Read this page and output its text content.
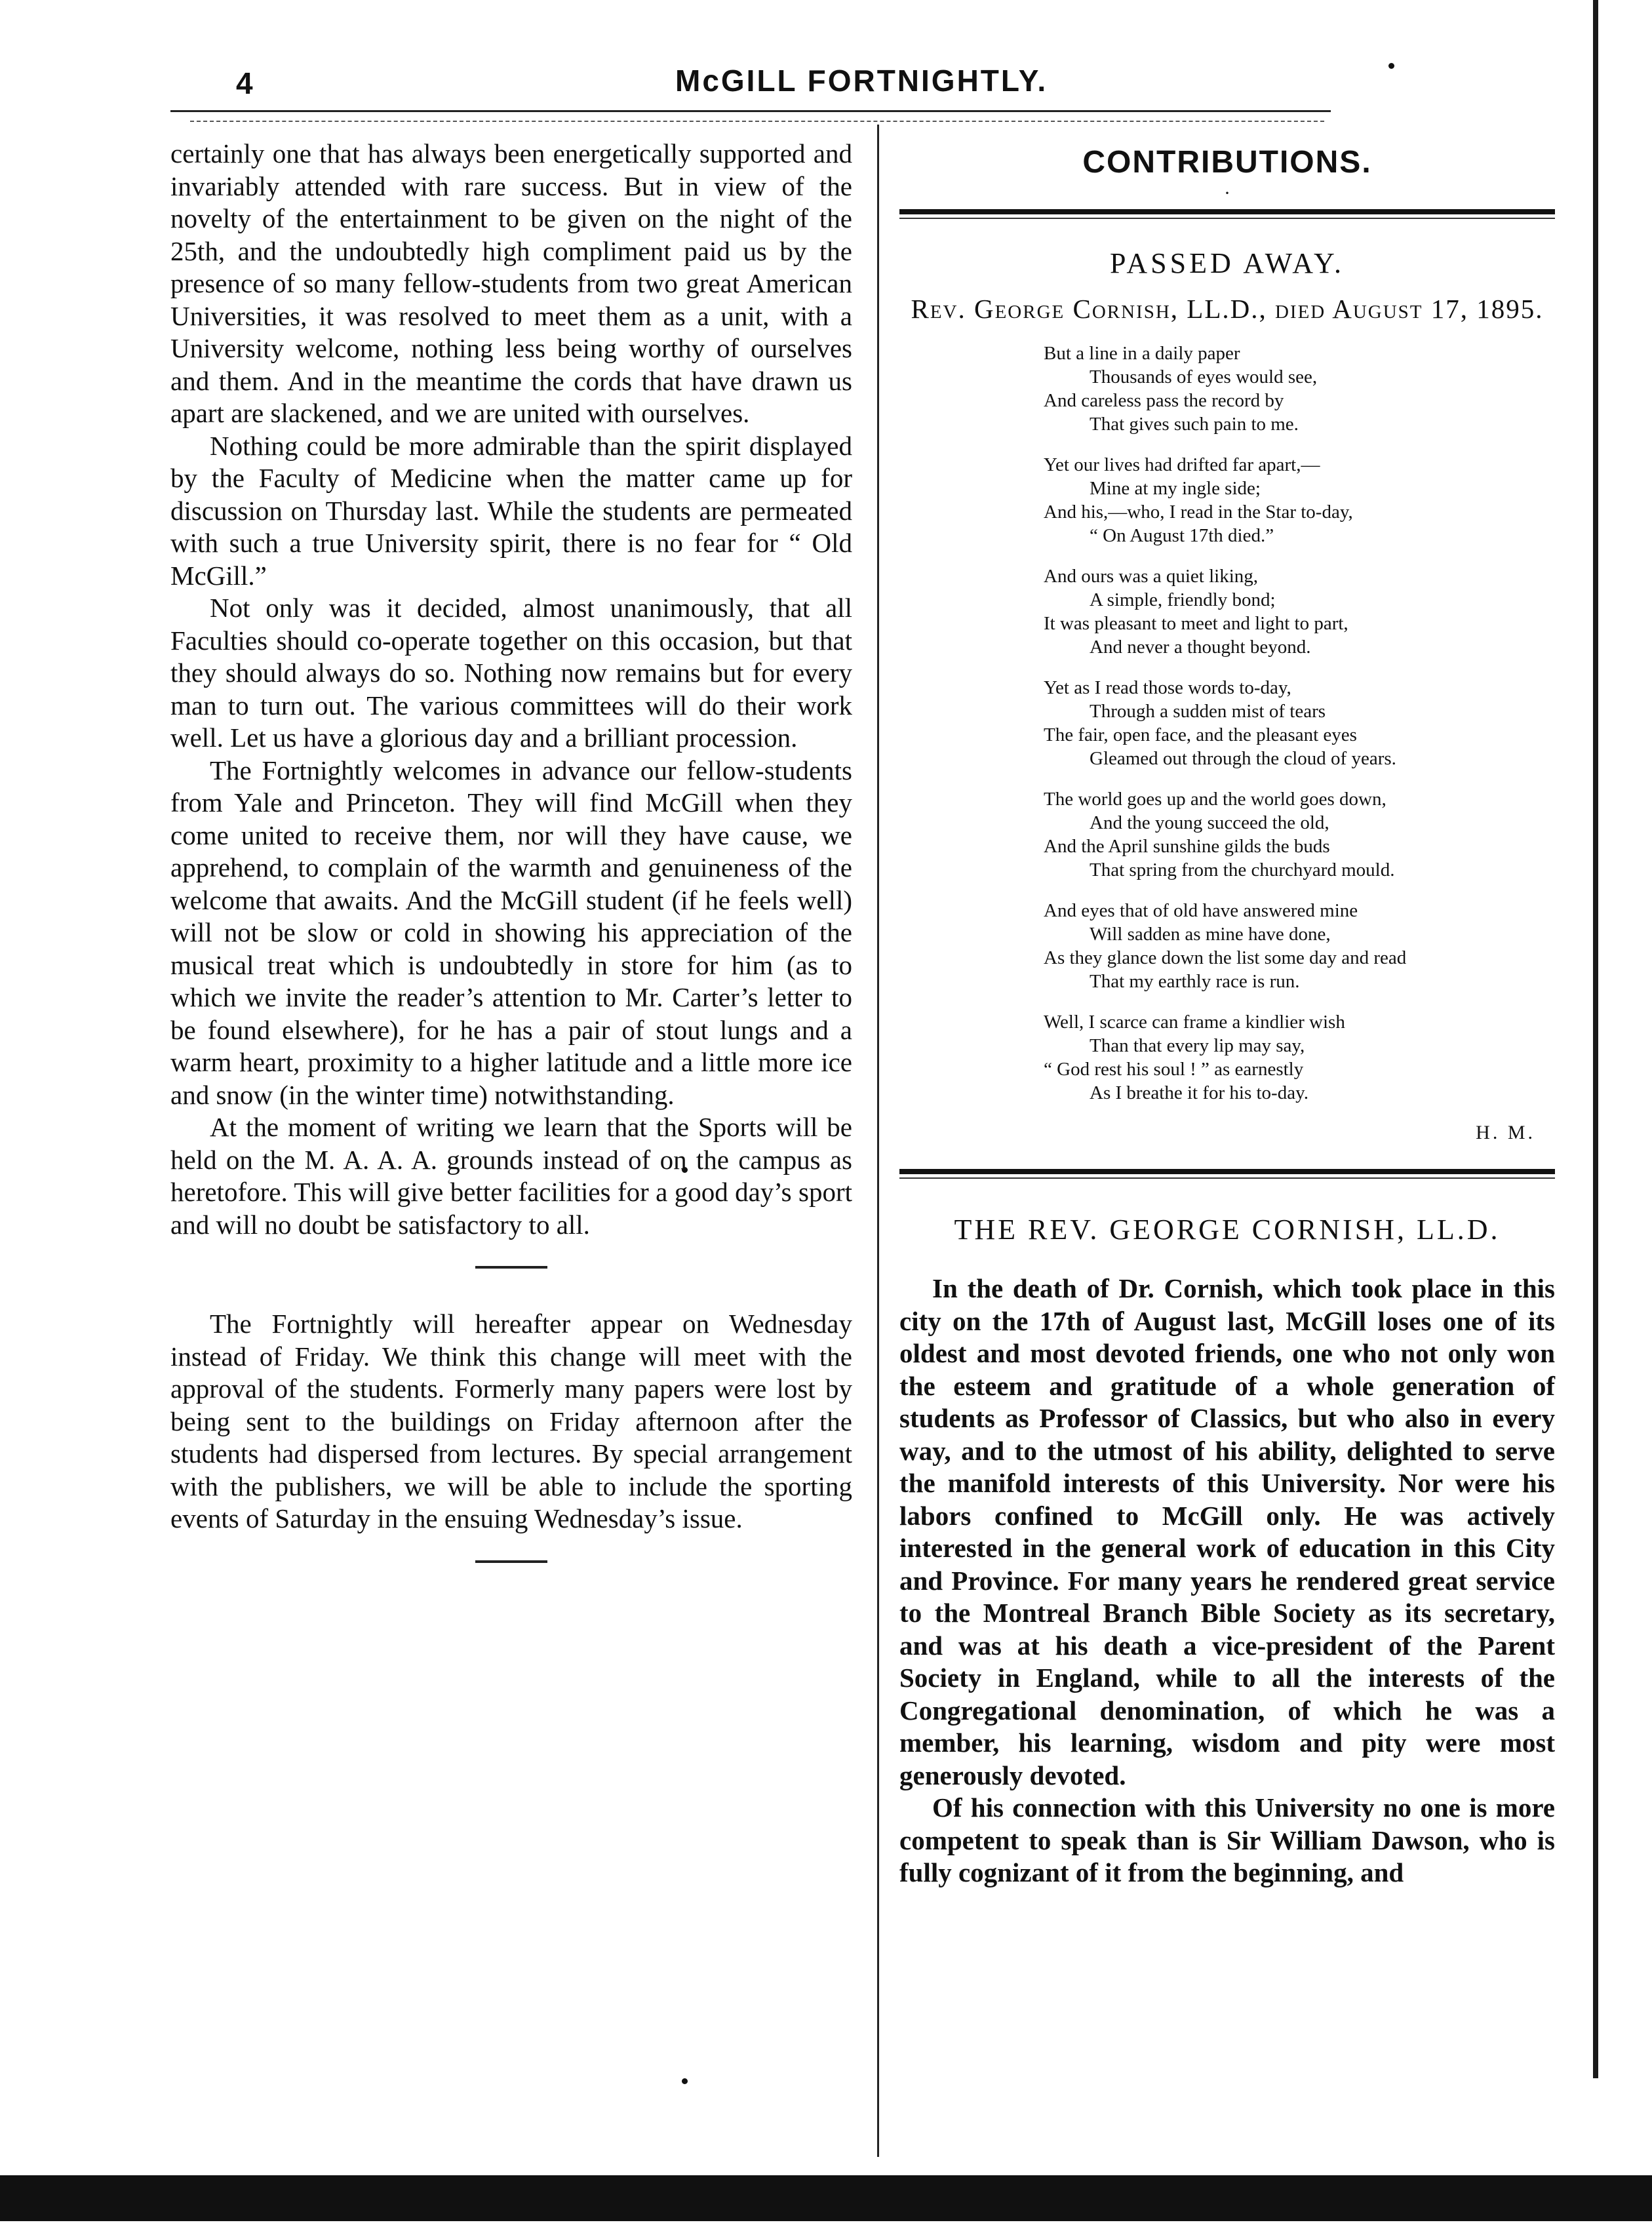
4	McGILL FORTNIGHTLY.

certainly one that has always been energetically supported and invariably attended with rare success. But in view of the novelty of the entertainment to be given on the night of the 25th, and the undoubtedly high compliment paid us by the presence of so many fellow-students from two great American Universities, it was resolved to meet them as a unit, with a University welcome, nothing less being worthy of ourselves and them. And in the meantime the cords that have drawn us apart are slackened, and we are united with ourselves.

Nothing could be more admirable than the spirit displayed by the Faculty of Medicine when the matter came up for discussion on Thursday last. While the students are permeated with such a true University spirit, there is no fear for “ Old McGill.”

Not only was it decided, almost unanimously, that all Faculties should co-operate together on this occasion, but that they should always do so. Nothing now remains but for every man to turn out. The various committees will do their work well. Let us have a glorious day and a brilliant procession.

The Fortnightly welcomes in advance our fellow-students from Yale and Princeton. They will find McGill when they come united to receive them, nor will they have cause, we apprehend, to complain of the warmth and genuineness of the welcome that awaits. And the McGill student (if he feels well) will not be slow or cold in showing his appreciation of the musical treat which is undoubtedly in store for him (as to which we invite the reader’s attention to Mr. Carter’s letter to be found elsewhere), for he has a pair of stout lungs and a warm heart, proximity to a higher latitude and a little more ice and snow (in the winter time) notwithstanding.

At the moment of writing we learn that the Sports will be held on the M. A. A. A. grounds instead of on the campus as heretofore. This will give better facilities for a good day’s sport and will no doubt be satisfactory to all.

The Fortnightly will hereafter appear on Wednesday instead of Friday. We think this change will meet with the approval of the students. Formerly many papers were lost by being sent to the buildings on Friday afternoon after the students had dispersed from lectures. By special arrangement with the publishers, we will be able to include the sporting events of Saturday in the ensuing Wednesday’s issue.

CONTRIBUTIONS.
·
PASSED AWAY.
Rev. George Cornish, LL.D., died August 17, 1895.
But a line in a daily paper
Thousands of eyes would see,
And careless pass the record by
That gives such pain to me.
Yet our lives had drifted far apart,—
Mine at my ingle side;
And his,—who, I read in the Star to-day,
“ On August 17th died.”
And ours was a quiet liking,
A simple, friendly bond;
It was pleasant to meet and light to part,
And never a thought beyond.
Yet as I read those words to-day,
Through a sudden mist of tears
The fair, open face, and the pleasant eyes
Gleamed out through the cloud of years.
The world goes up and the world goes down,
And the young succeed the old,
And the April sunshine gilds the buds
That spring from the churchyard mould.
And eyes that of old have answered mine
Will sadden as mine have done,
As they glance down the list some day and read
That my earthly race is run.
Well, I scarce can frame a kindlier wish
Than that every lip may say,
“ God rest his soul ! ” as earnestly
As I breathe it for his to-day.
H. M.
THE REV. GEORGE CORNISH, LL.D.

In the death of Dr. Cornish, which took place in this city on the 17th of August last, McGill loses one of its oldest and most devoted friends, one who not only won the esteem and gratitude of a whole generation of students as Professor of Classics, but who also in every way, and to the utmost of his ability, delighted to serve the manifold interests of this University. Nor were his labors confined to McGill only. He was actively interested in the general work of education in this City and Province. For many years he rendered great service to the Montreal Branch Bible Society as its secretary, and was at his death a vice-president of the Parent Society in England, while to all the interests of the Congregational denomination, of which he was a member, his learning, wisdom and pity were most generously devoted.

Of his connection with this University no one is more competent to speak than is Sir William Dawson, who is fully cognizant of it from the beginning, and
